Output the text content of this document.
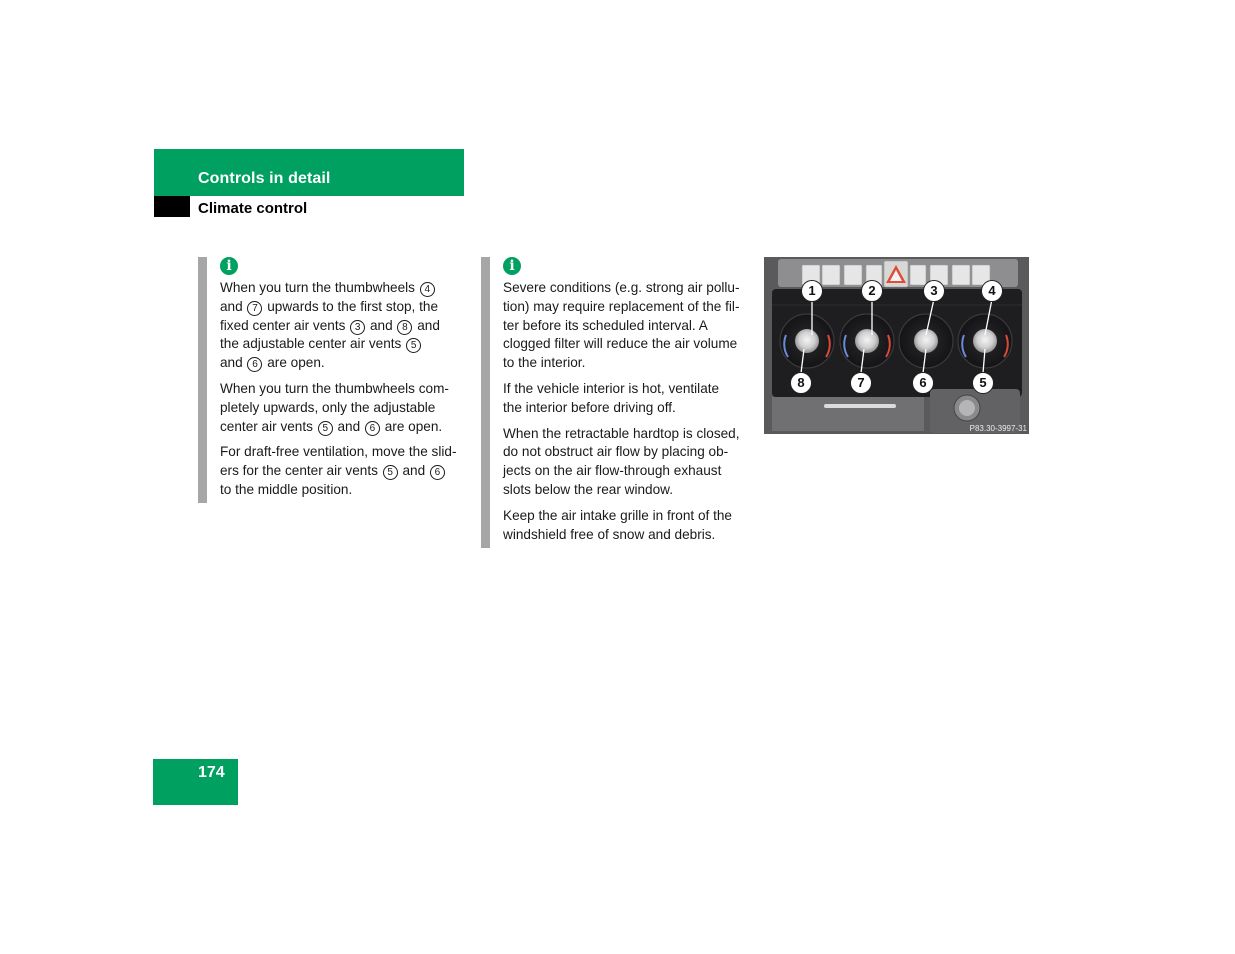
Controls in detail
Climate control
i

When you turn the thumbwheels 4
and 7 upwards to the first stop, the
fixed center air vents 3 and 8 and
the adjustable center air vents 5
and 6 are open.

When you turn the thumbwheels com-
pletely upwards, only the adjustable
center air vents 5 and 6 are open.

For draft-free ventilation, move the slid-
ers for the center air vents 5 and 6
to the middle position.

i

Severe conditions (e.g. strong air pollu-
tion) may require replacement of the fil-
ter before its scheduled interval. A
clogged filter will reduce the air volume
to the interior.

If the vehicle interior is hot, ventilate
the interior before driving off.

When the retractable hardtop is closed,
do not obstruct air flow by placing ob-
jects on the air flow-through exhaust
slots below the rear window.

Keep the air intake grille in front of the
windshield free of snow and debris.

1	2	3	4
8	7	6	5
P83.30-3997-31
174
